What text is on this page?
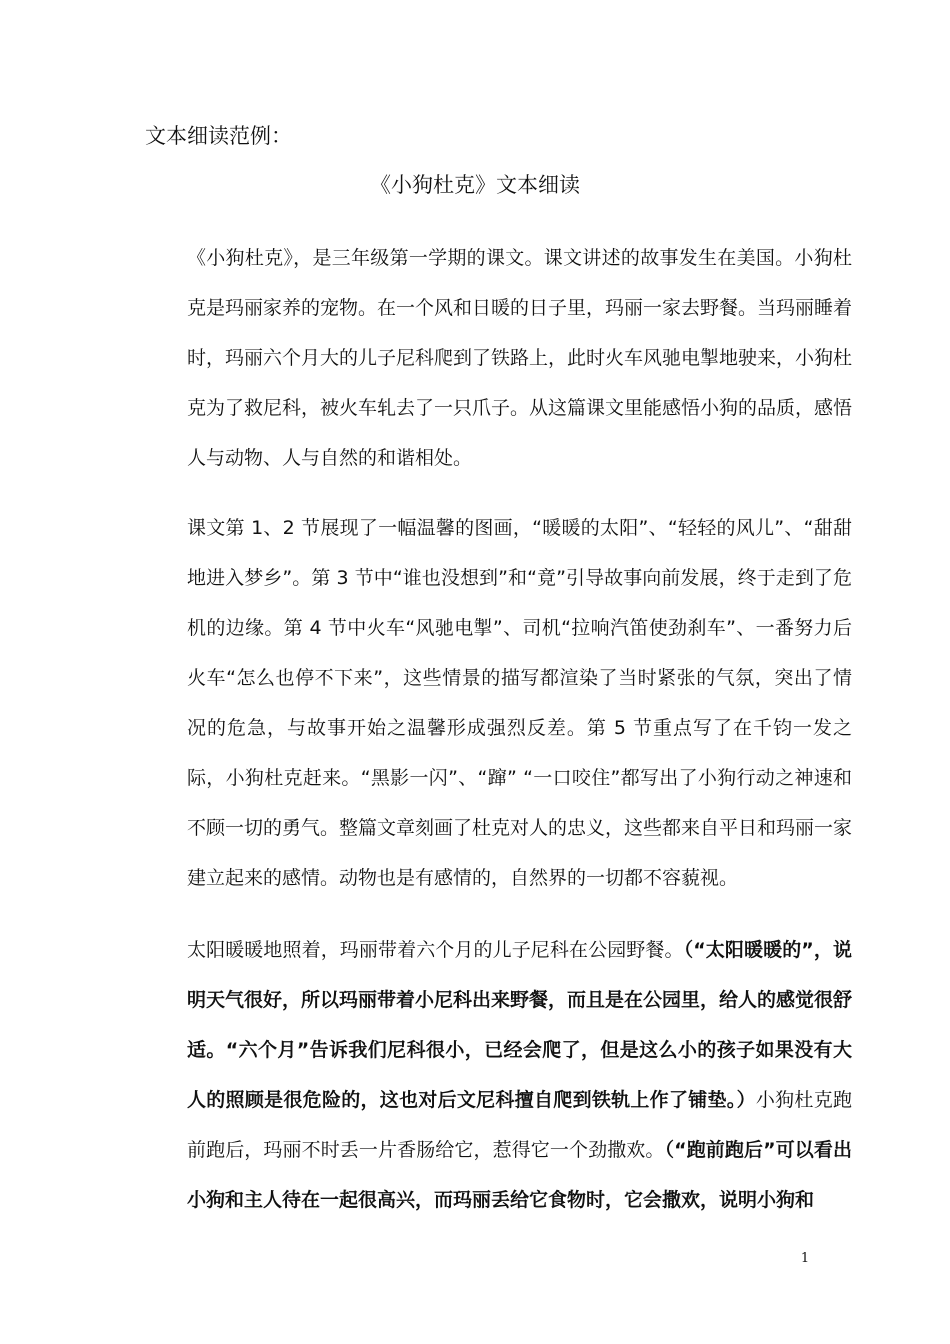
文本细读范例：
《小狗杜克》文本细读

《小狗杜克》，是三年级第一学期的课文。课文讲述的故事发生在美国。小狗杜克是玛丽家养的宠物。在一个风和日暖的日子里，玛丽一家去野餐。当玛丽睡着时，玛丽六个月大的儿子尼科爬到了铁路上，此时火车风驰电掣地驶来，小狗杜克为了救尼科，被火车轧去了一只爪子。从这篇课文里能感悟小狗的品质，感悟人与动物、人与自然的和谐相处。

课文第 1、2 节展现了一幅温馨的图画，“暖暖的太阳”、“轻轻的风儿”、“甜甜地进入梦乡”。第 3 节中“谁也没想到”和“竟”引导故事向前发展，终于走到了危机的边缘。第 4 节中火车“风驰电掣”、司机“拉响汽笛使劲刹车”、一番努力后火车“怎么也停不下来”，这些情景的描写都渲染了当时紧张的气氛，突出了情况的危急，与故事开始之温馨形成强烈反差。第 5 节重点写了在千钧一发之际，小狗杜克赶来。“黑影一闪”、“蹿” “一口咬住”都写出了小狗行动之神速和不顾一切的勇气。整篇文章刻画了杜克对人的忠义，这些都来自平日和玛丽一家建立起来的感情。动物也是有感情的，自然界的一切都不容藐视。

太阳暖暖地照着，玛丽带着六个月的儿子尼科在公园野餐。（“太阳暖暖的”，说明天气很好，所以玛丽带着小尼科出来野餐，而且是在公园里，给人的感觉很舒适。“六个月”告诉我们尼科很小，已经会爬了，但是这么小的孩子如果没有大人的照顾是很危险的，这也对后文尼科擅自爬到铁轨上作了铺垫。）小狗杜克跑前跑后，玛丽不时丢一片香肠给它，惹得它一个劲撒欢。（“跑前跑后”可以看出小狗和主人待在一起很高兴，而玛丽丢给它食物时，它会撒欢，说明小狗和

1
